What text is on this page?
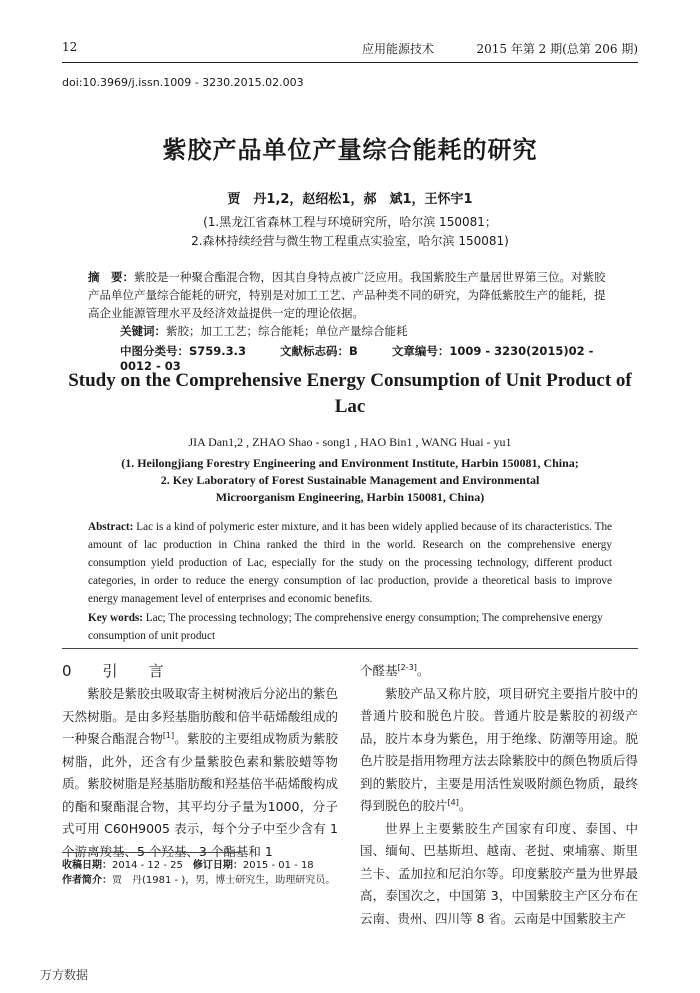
12	应用能源技术	2015 年第 2 期(总第 206 期)
doi:10.3969/j.issn.1009 - 3230.2015.02.003
紫胶产品单位产量综合能耗的研究
贾　丹1,2，赵绍松1，郝　斌1，王怀宇1
(1.黑龙江省森林工程与环境研究所，哈尔滨 150081；
2.森林持续经营与微生物工程重点实验室，哈尔滨 150081)
摘　要：紫胶是一种聚合酯混合物，因其自身特点被广泛应用。我国紫胶生产量居世界第三位。对紫胶产品单位产量综合能耗的研究，特别是对加工工艺、产品种类不同的研究，为降低紫胶生产的能耗，提高企业能源管理水平及经济效益提供一定的理论依据。
关键词：紫胶；加工工艺；综合能耗；单位产量综合能耗
中图分类号：S759.3.3	文献标志码：B	文章编号：1009 - 3230(2015)02 - 0012 - 03
Study on the Comprehensive Energy Consumption of Unit Product of Lac
JIA Dan1,2 , ZHAO Shao - song1 , HAO Bin1 , WANG Huai - yu1
(1. Heilongjiang Forestry Engineering and Environment Institute, Harbin 150081, China;
2. Key Laboratory of Forest Sustainable Management and Environmental
Microorganism Engineering, Harbin 150081, China)
Abstract: Lac is a kind of polymeric ester mixture, and it has been widely applied because of its characteristics. The amount of lac production in China ranked the third in the world. Research on the comprehensive energy consumption yield production of Lac, especially for the study on the processing technology, different product categories, in order to reduce the energy consumption of lac production, provide a theoretical basis to improve energy management level of enterprises and economic benefits.
Key words: Lac; The processing technology; The comprehensive energy consumption; The comprehensive energy consumption of unit product
0　引　言

紫胶是紫胶虫吸取寄主树树液后分泌出的紫色天然树脂。是由多羟基脂肪酸和倍半萜烯酸组成的一种聚合酯混合物[1]。紫胶的主要组成物质为紫胶树脂，此外，还含有少量紫胶色素和紫胶蜡等物质。紫胶树脂是羟基脂肪酸和羟基倍半萜烯酸构成的酯和聚酯混合物，其平均分子量为1000，分子式可用 C60H9005 表示，每个分子中至少含有 1 个游离羧基、5 个羟基、3 个酯基和 1

个醛基[2-3]。

紫胶产品又称片胶，项目研究主要指片胶中的普通片胶和脱色片胶。普通片胶是紫胶的初级产品，胶片本身为紫色，用于绝缘、防潮等用途。脱色片胶是指用物理方法去除紫胶中的颜色物质后得到的紫胶片，主要是用活性炭吸附颜色物质，最终得到脱色的胶片[4]。

世界上主要紫胶生产国家有印度、泰国、中国、缅甸、巴基斯坦、越南、老挝、柬埔寨、斯里兰卡、孟加拉和尼泊尔等。印度紫胶产量为世界最高，泰国次之，中国第 3，中国紫胶主产区分布在云南、贵州、四川等 8 省。云南是中国紫胶主产

收稿日期：2014 - 12 - 25　 修订日期：2015 - 01 - 18
作者简介：贾　丹(1981 - )，男，博士研究生，助理研究员。
万方数据
